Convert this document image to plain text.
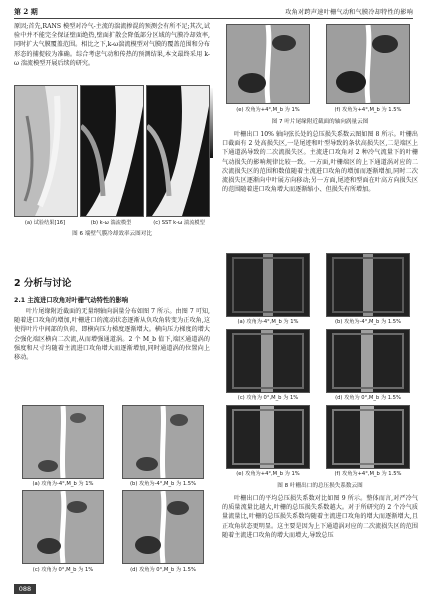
第 2 期	攻角对跨声速叶栅气动和气膜冷却特性的影响

原因;首先,RANS 模型对冷气-主流的湍流掺混的预测会有所不足;其次,试验中并不能完全保证壁面绝热,壁面扩散会降低部分区域的气膜冷却效率,同时扩大气膜覆盖范围。相比之下,k-ω湍流模型对气膜的覆盖范围和分布形态的捕捉较为准确。综合考虑气动和传热的预测结果,本文最终采用 k-ω 湍流模型开展后续的研究。

(a) 试验结果[16]	(b) k-ω 湍流模型	(c) SST k-ω 湍流模型
图 6 端壁气膜冷却效率云图对比
2 分析与讨论
2.1 主流进口攻角对叶栅气动特性的影响

叶片尾缘附近截面的无量纲轴向涡量分布如图 7 所示。由图 7 可知,随着进口攻角的增加,叶栅进口的流动状态逐渐从负攻角转变为正攻角,这使得叶片中间部的负荷、即横向压力梯度逐渐增大。横向压力梯度的增大会强化端区横向二次流,从而增强通道涡。2 个 M_b 值下,端区通道涡的强度和尺寸均随着主流进口攻角增大而逐渐增加,同时通道涡的位置向上移动。

(a) 攻角为-4°,M_b 为 1%	(b) 攻角为-4°,M_b 为 1.5%
(c) 攻角为 0°,M_b 为 1%	(d) 攻角为 0°,M_b 为 1.5%
(e) 攻角为+4°,M_b 为 1%	(f) 攻角为+4°,M_b 为 1.5%
图 7 叶片尾缘附近截面的轴向涡量云图

叶栅出口 10% 轴向弦长处的总压损失系数云图如图 8 所示。叶栅出口截面有 2 处高损失区,一是尾迹和叶型导致的条状高损失区,二是端区上下通道涡导致的二次流损失区。主流进口攻角对 2 种冷气流量下的叶栅气动损失的影响规律比较一致。一方面,叶栅端区的上下通道涡对应的二次流损失区的范围和数值随着主流进口攻角的增加而逐渐增加,同时二次流损失区逐渐向中叶展方向移动;另一方面,尾迹和型面在叶高方向损失区的范围随着进口攻角增大而逐渐缩小、但损失有所增加。

(a) 攻角为-4°,M_b 为 1%	(b) 攻角为-4°,M_b 为 1.5%
(c) 攻角为 0°,M_b 为 1%	(d) 攻角为 0°,M_b 为 1.5%
(e) 攻角为+4°,M_b 为 1%	(f) 攻角为+4°,M_b 为 1.5%
图 8 叶栅出口的总压损失系数云图

叶栅出口的平均总压损失系数对比如图 9 所示。整体而言,对严冷气的质量流量比越大,叶栅的总压损失系数越大。对于所研究的 2 个冷气质量流量比,叶栅的总压损失系数均随着主流进口攻角的增大而逐渐增大,且正攻角状态更明显。这主要是因为上下通道涡对应的二次流损失区的范围随着主流进口攻角的增大而增大,导致总压

088
